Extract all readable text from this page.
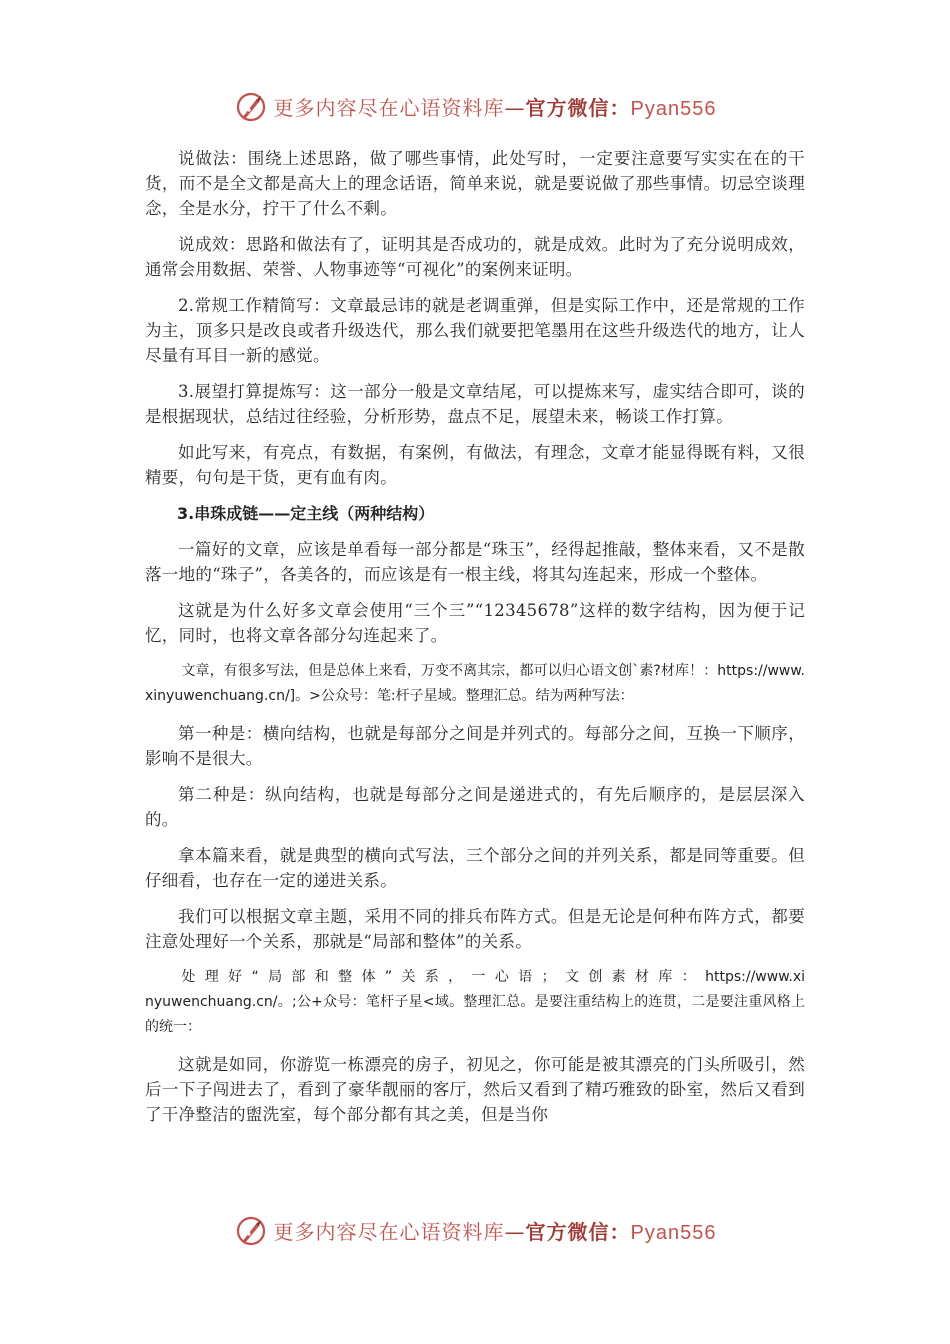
更多内容尽在心语资料库—官方微信：Pyan556

说做法：围绕上述思路，做了哪些事情，此处写时，一定要注意要写实实在在的干货，而不是全文都是高大上的理念话语，简单来说，就是要说做了那些事情。切忌空谈理念，全是水分，拧干了什么不剩。

说成效：思路和做法有了，证明其是否成功的，就是成效。此时为了充分说明成效，通常会用数据、荣誉、人物事迹等“可视化”的案例来证明。

2.常规工作精简写：文章最忌讳的就是老调重弹，但是实际工作中，还是常规的工作为主，顶多只是改良或者升级迭代，那么我们就要把笔墨用在这些升级迭代的地方，让人尽量有耳目一新的感觉。

3.展望打算提炼写：这一部分一般是文章结尾，可以提炼来写，虚实结合即可，谈的是根据现状，总结过往经验，分析形势，盘点不足，展望未来，畅谈工作打算。

如此写来，有亮点，有数据，有案例，有做法，有理念，文章才能显得既有料，又很精要，句句是干货，更有血有肉。

3.串珠成链——定主线（两种结构）

一篇好的文章，应该是单看每一部分都是“珠玉”，经得起推敲，整体来看，又不是散落一地的“珠子”，各美各的，而应该是有一根主线，将其勾连起来，形成一个整体。

这就是为什么好多文章会使用“三个三”“12345678”这样的数字结构，因为便于记忆，同时，也将文章各部分勾连起来了。

文章，有很多写法，但是总体上来看，万变不离其宗，都可以归心语文创`素?材库！：https://www.xinyuwenchuang.cn/]。>公众号：笔:杆子星域。整理汇总。结为两种写法：

第一种是：横向结构，也就是每部分之间是并列式的。每部分之间，互换一下顺序，影响不是很大。

第二种是：纵向结构，也就是每部分之间是递进式的，有先后顺序的，是层层深入的。

拿本篇来看，就是典型的横向式写法，三个部分之间的并列关系，都是同等重要。但仔细看，也存在一定的递进关系。

我们可以根据文章主题，采用不同的排兵布阵方式。但是无论是何种布阵方式，都要注意处理好一个关系，那就是“局部和整体”的关系。

处理好“局部和整体”关系，一心语；文创素材库：https://www.xinyuwenchuang.cn/。;公+众号：笔杆子星<域。整理汇总。是要注重结构上的连贯，二是要注重风格上的统一：

这就是如同，你游览一栋漂亮的房子，初见之，你可能是被其漂亮的门头所吸引，然后一下子闯进去了，看到了豪华靓丽的客厅，然后又看到了精巧雅致的卧室，然后又看到了干净整洁的盥洗室，每个部分都有其之美，但是当你

更多内容尽在心语资料库—官方微信：Pyan556
